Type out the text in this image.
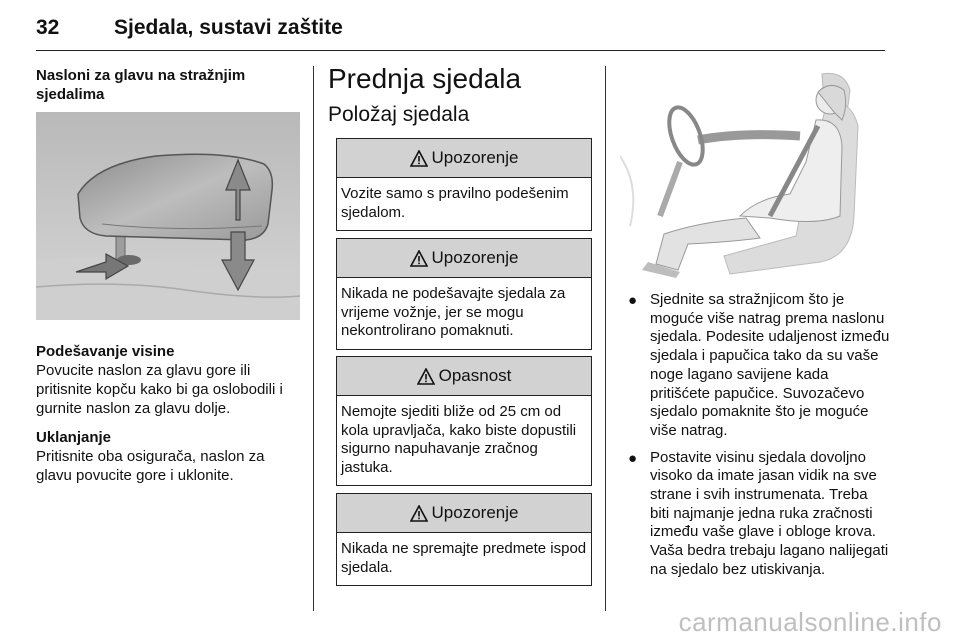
32	Sjedala, sustavi zaštite

Nasloni za glavu na stražnjim sjedalima

Podešavanje visine

Povucite naslon za glavu gore ili pritisnite kopču kako bi ga oslobodili i gurnite naslon za glavu dolje.

Uklanjanje

Pritisnite oba osigurača, naslon za glavu povucite gore i uklonite.

Prednja sjedala
Položaj sjedala
Upozorenje
Vozite samo s pravilno podešenim sjedalom.
Upozorenje
Nikada ne podešavajte sjedala za vrijeme vožnje, jer se mogu nekontrolirano pomaknuti.
Opasnost
Nemojte sjediti bliže od 25 cm od kola upravljača, kako biste dopustili sigurno napuhavanje zračnog jastuka.
Upozorenje
Nikada ne spremajte predmete ispod sjedala.
● Sjednite sa stražnjicom što je moguće više natrag prema naslonu sjedala. Podesite udaljenost između sjedala i papučica tako da su vaše noge lagano savijene kada pritišćete papučice. Suvozačevo sjedalo pomaknite što je moguće više natrag.
● Postavite visinu sjedala dovoljno visoko da imate jasan vidik na sve strane i svih instrumenata. Treba biti najmanje jedna ruka zračnosti između vaše glave i obloge krova. Vaša bedra trebaju lagano nalijegati na sjedalo bez utiskivanja.
carmanualsonline.info
